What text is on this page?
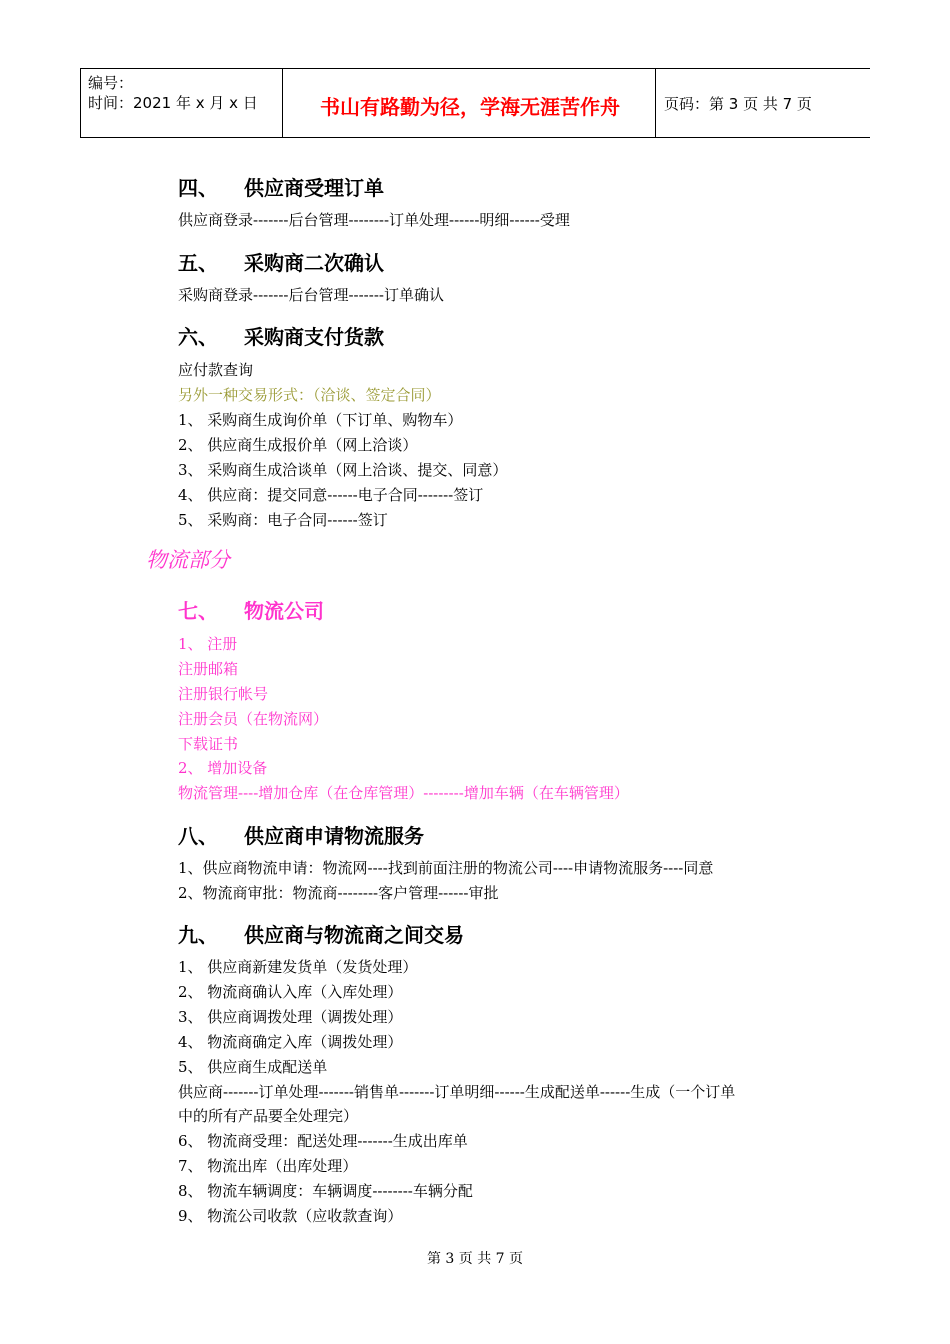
编号：
时间：2021 年 x 月 x 日	书山有路勤为径，学海无涯苦作舟	页码：第 3 页 共 7 页
四、 供应商受理订单
供应商登录-------后台管理--------订单处理------明细------受理
五、 采购商二次确认
采购商登录-------后台管理-------订单确认
六、 采购商支付货款
应付款查询
另外一种交易形式：（洽谈、签定合同）
1、 采购商生成询价单（下订单、购物车）
2、 供应商生成报价单（网上洽谈）
3、 采购商生成洽谈单（网上洽谈、提交、同意）
4、 供应商：提交同意------电子合同-------签订
5、 采购商：电子合同------签订
物流部分
七、 物流公司
1、 注册
注册邮箱
注册银行帐号
注册会员（在物流网）
下载证书
2、 增加设备
物流管理----增加仓库（在仓库管理）--------增加车辆（在车辆管理）
八、 供应商申请物流服务
1、供应商物流申请：物流网----找到前面注册的物流公司----申请物流服务----同意
2、物流商审批：物流商--------客户管理------审批
九、 供应商与物流商之间交易
1、 供应商新建发货单（发货处理）
2、 物流商确认入库（入库处理）
3、 供应商调拨处理（调拨处理）
4、 物流商确定入库（调拨处理）
5、 供应商生成配送单
供应商-------订单处理-------销售单-------订单明细------生成配送单------生成（一个订单
中的所有产品要全处理完）
6、 物流商受理：配送处理-------生成出库单
7、 物流出库（出库处理）
8、 物流车辆调度：车辆调度--------车辆分配
9、 物流公司收款（应收款查询）
第 3 页 共 7 页
